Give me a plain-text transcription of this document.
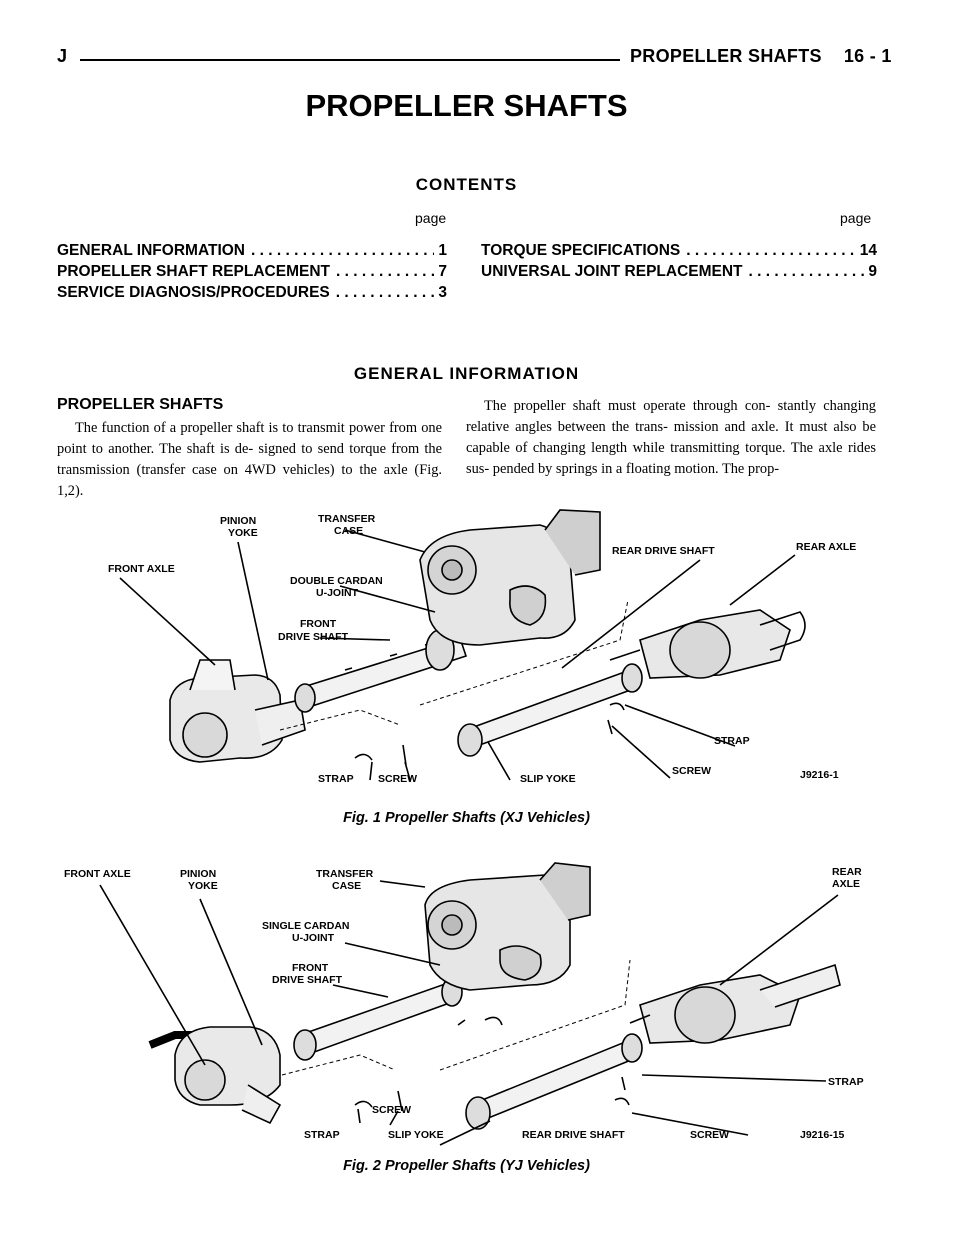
J	PROPELLER SHAFTS 16 - 1
PROPELLER SHAFTS
CONTENTS
page	page
GENERAL INFORMATION . . .	1
PROPELLER SHAFT REPLACEMENT . . .	7
SERVICE DIAGNOSIS/PROCEDURES . . .	3
TORQUE SPECIFICATIONS . . .	14
UNIVERSAL JOINT REPLACEMENT . . .	9
GENERAL INFORMATION
PROPELLER SHAFTS
The function of a propeller shaft is to transmit power from one point to another. The shaft is de- signed to send torque from the transmission (transfer case on 4WD vehicles) to the axle (Fig. 1,2).
The propeller shaft must operate through con- stantly changing relative angles between the trans- mission and axle. It must also be capable of changing length while transmitting torque. The axle rides sus- pended by springs in a floating motion. The prop-
PINION
YOKE
TRANSFER
CASE
FRONT AXLE
DOUBLE CARDAN
U-JOINT
FRONT
DRIVE SHAFT
REAR DRIVE SHAFT	REAR AXLE
STRAP
SCREW
STRAP SCREW	SLIP YOKE	J9216-1
Fig. 1 Propeller Shafts (XJ Vehicles)
FRONT AXLE	PINION
YOKE
TRANSFER
CASE
REAR
AXLE
SINGLE CARDAN
U-JOINT
FRONT
DRIVE SHAFT
STRAP
SCREW
STRAP	SLIP YOKE	REAR DRIVE SHAFT	SCREW	J9216-15
Fig. 2 Propeller Shafts (YJ Vehicles)
